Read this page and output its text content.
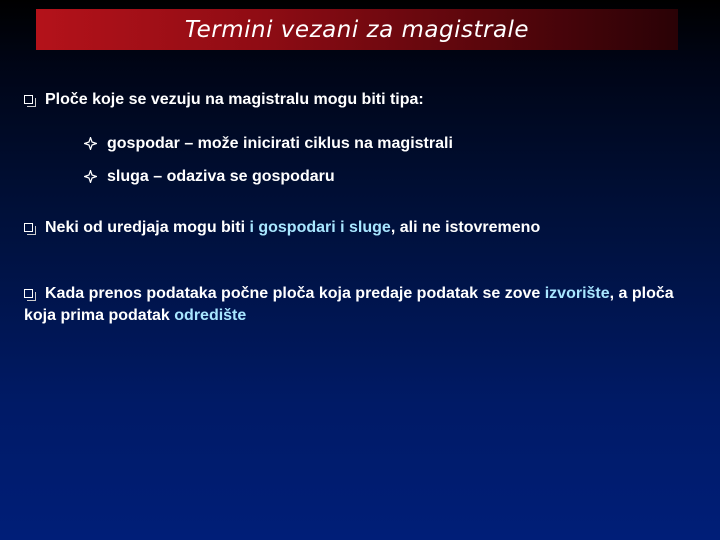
Termini vezani za magistrale
Ploče koje se vezuju na magistralu mogu biti tipa:
gospodar – može inicirati ciklus na magistrali
sluga – odaziva se gospodaru
Neki od uredjaja mogu biti i gospodari i sluge, ali ne istovremeno
Kada prenos podataka počne ploča koja predaje podatak se zove izvorište, a ploča koja prima podatak odredište
